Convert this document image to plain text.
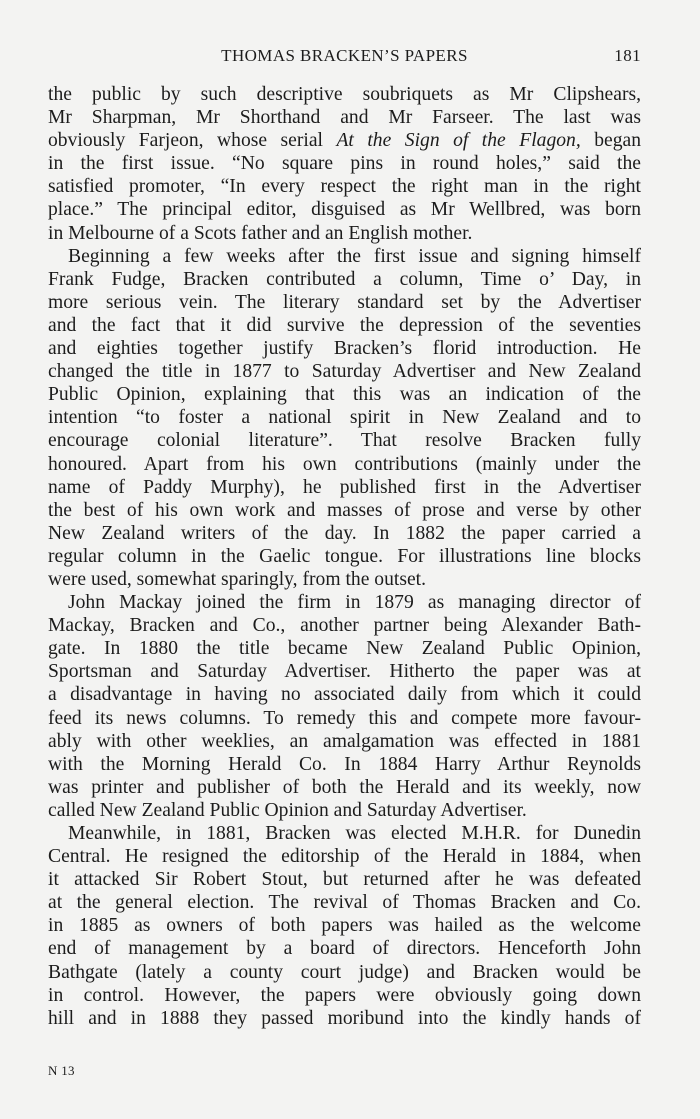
THOMAS BRACKEN’S PAPERS	181
the public by such descriptive soubriquets as Mr Clipshears,
Mr Sharpman, Mr Shorthand and Mr Farseer. The last was
obviously Farjeon, whose serial At the Sign of the Flagon, began
in the first issue. “No square pins in round holes,” said the
satisfied promoter, “In every respect the right man in the right
place.” The principal editor, disguised as Mr Wellbred, was born
in Melbourne of a Scots father and an English mother.
Beginning a few weeks after the first issue and signing himself
Frank Fudge, Bracken contributed a column, Time o’ Day, in
more serious vein. The literary standard set by the Advertiser
and the fact that it did survive the depression of the seventies
and eighties together justify Bracken’s florid introduction. He
changed the title in 1877 to Saturday Advertiser and New Zealand
Public Opinion, explaining that this was an indication of the
intention “to foster a national spirit in New Zealand and to
encourage colonial literature”. That resolve Bracken fully
honoured. Apart from his own contributions (mainly under the
name of Paddy Murphy), he published first in the Advertiser
the best of his own work and masses of prose and verse by other
New Zealand writers of the day. In 1882 the paper carried a
regular column in the Gaelic tongue. For illustrations line blocks
were used, somewhat sparingly, from the outset.
John Mackay joined the firm in 1879 as managing director of
Mackay, Bracken and Co., another partner being Alexander Bath-
gate. In 1880 the title became New Zealand Public Opinion,
Sportsman and Saturday Advertiser. Hitherto the paper was at
a disadvantage in having no associated daily from which it could
feed its news columns. To remedy this and compete more favour-
ably with other weeklies, an amalgamation was effected in 1881
with the Morning Herald Co. In 1884 Harry Arthur Reynolds
was printer and publisher of both the Herald and its weekly, now
called New Zealand Public Opinion and Saturday Advertiser.
Meanwhile, in 1881, Bracken was elected M.H.R. for Dunedin
Central. He resigned the editorship of the Herald in 1884, when
it attacked Sir Robert Stout, but returned after he was defeated
at the general election. The revival of Thomas Bracken and Co.
in 1885 as owners of both papers was hailed as the welcome
end of management by a board of directors. Henceforth John
Bathgate (lately a county court judge) and Bracken would be
in control. However, the papers were obviously going down
hill and in 1888 they passed moribund into the kindly hands of
N 13
